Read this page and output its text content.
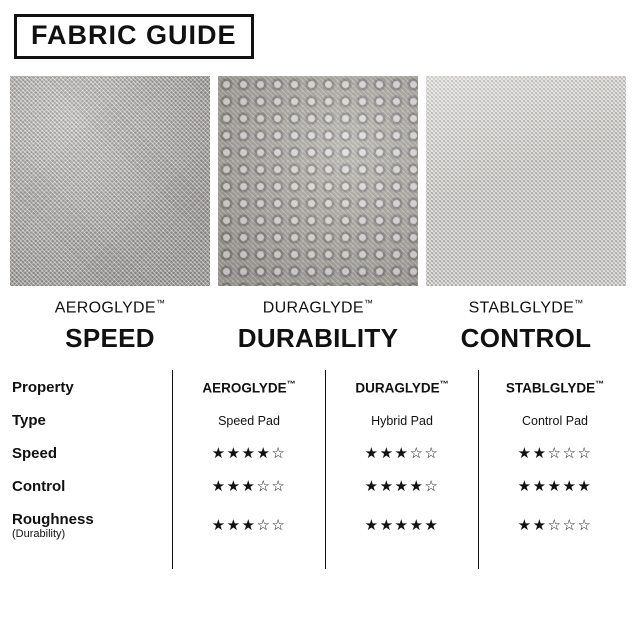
FABRIC GUIDE
AEROGLYDE™
SPEED
DURAGLYDE™
DURABILITY
STABLGLYDE™
CONTROL
Property	AEROGLYDE™	DURAGLYDE™	STABLGLYDE™
Type	Speed Pad	Hybrid Pad	Control Pad
Speed	★★★★☆	★★★☆☆	★★☆☆☆
Control	★★★☆☆	★★★★☆	★★★★★
Roughness
(Durability)	★★★☆☆	★★★★★	★★☆☆☆
